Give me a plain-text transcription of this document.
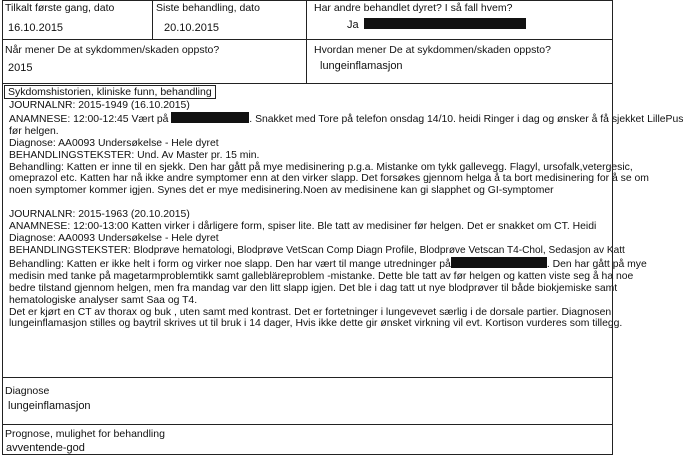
Tilkalt første gang, dato
16.10.2015
Siste behandling, dato
20.10.2015
Har andre behandlet dyret? I så fall hvem?
Ja
Når mener De at sykdommen/skaden oppsto?
2015
Hvordan mener De at sykdommen/skaden oppsto?
lungeinflamasjon
Sykdomshistorien, kliniske funn, behandling
JOURNALNR: 2015-1949 (16.10.2015)
ANAMNESE: 12:00-12:45 Vært på	. Snakket med Tore på telefon onsdag 14/10. heidi Ringer i dag og ønsker å få sjekket LillePus
før helgen.
Diagnose: AA0093 Undersøkelse - Hele dyret
BEHANDLINGSTEKSTER: Und. Av Master pr. 15 min.
Behandling: Katten er inne til en sjekk. Den har gått på mye medisinering p.g.a. Mistanke om tykk gallevegg. Flagyl, ursofalk,vetergesic,
omeprazol etc. Katten har nå ikke andre symptomer enn at den virker slapp. Det forsøkes gjennom helga å ta bort medisinering for å se om
noen symptomer kommer igjen. Synes det er mye medisinering.Noen av medisinene kan gi slapphet og GI-symptomer
JOURNALNR: 2015-1963 (20.10.2015)
ANAMNESE: 12:00-13:00 Katten virker i dårligere form, spiser lite. Ble tatt av medisiner før helgen. Det er snakket om CT. Heidi
Diagnose: AA0093 Undersøkelse - Hele dyret
BEHANDLINGSTEKSTER: Blodprøve hematologi, Blodprøve VetScan Comp Diagn Profile, Blodprøve Vetscan T4-Chol, Sedasjon av Katt
Behandling: Katten er ikke helt i form og virker noe slapp. Den har vært til mange utredninger på	. Den har gått på mye
medisin med tanke på magetarmproblemtikk samt gallebläreproblem -mistanke. Dette ble tatt av før helgen og katten viste seg å ha noe
bedre tilstand gjennom helgen, men fra mandag var den litt slapp igjen. Det ble i dag tatt ut nye blodprøver til både biokjemiske samt
hematologiske analyser samt Saa og T4.
Det er kjørt en CT av thorax og buk , uten samt med kontrast. Det er fortetninger i lungevevet særlig i de dorsale partier. Diagnosen
lungeinflamasjon stilles og baytril skrives ut til bruk i 14 dager, Hvis ikke dette gir ønsket virkning vil evt. Kortison vurderes som tillegg.
Diagnose
lungeinflamasjon
Prognose, mulighet for behandling
avventende-god
